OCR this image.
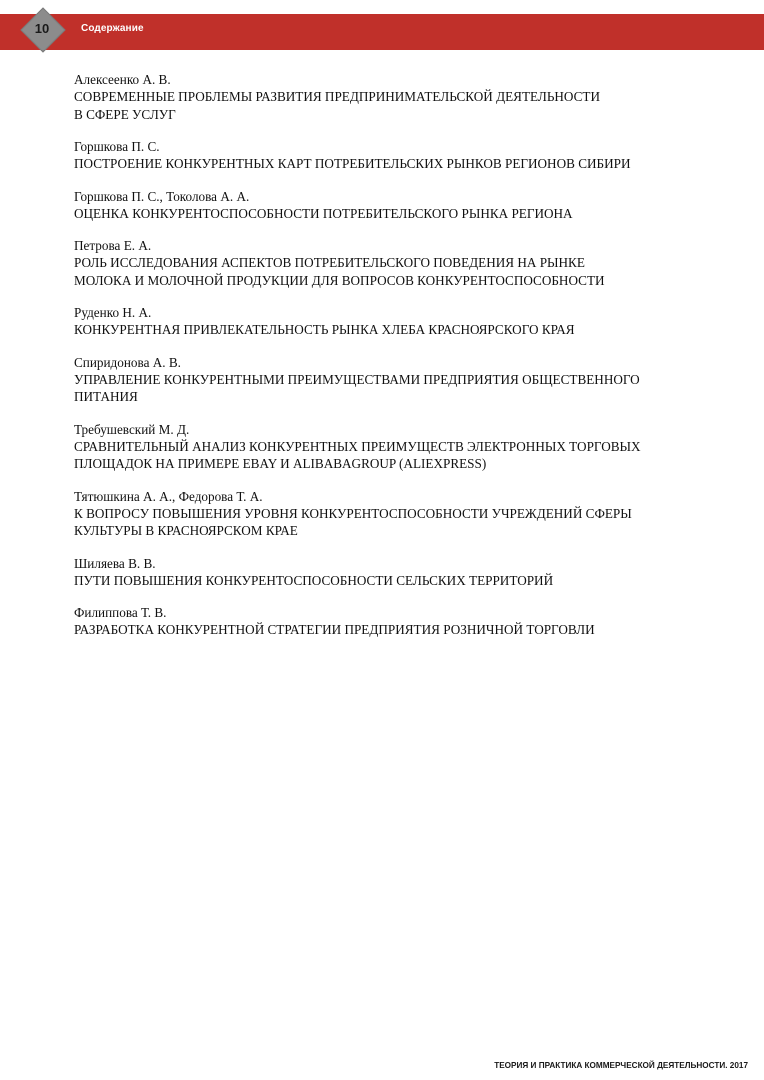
10	Содержание
Алексеенко А. В.
СОВРЕМЕННЫЕ ПРОБЛЕМЫ РАЗВИТИЯ ПРЕДПРИНИМАТЕЛЬСКОЙ ДЕЯТЕЛЬНОСТИ
В СФЕРЕ УСЛУГ
Горшкова П. С.
ПОСТРОЕНИЕ КОНКУРЕНТНЫХ КАРТ ПОТРЕБИТЕЛЬСКИХ РЫНКОВ РЕГИОНОВ СИБИРИ
Горшкова П. С., Токолова А. А.
ОЦЕНКА КОНКУРЕНТОСПОСОБНОСТИ ПОТРЕБИТЕЛЬСКОГО РЫНКА РЕГИОНА
Петрова Е. А.
РОЛЬ ИССЛЕДОВАНИЯ АСПЕКТОВ ПОТРЕБИТЕЛЬСКОГО ПОВЕДЕНИЯ НА РЫНКЕ
МОЛОКА И МОЛОЧНОЙ ПРОДУКЦИИ ДЛЯ ВОПРОСОВ КОНКУРЕНТОСПОСОБНОСТИ
Руденко Н. А.
КОНКУРЕНТНАЯ ПРИВЛЕКАТЕЛЬНОСТЬ РЫНКА ХЛЕБА КРАСНОЯРСКОГО КРАЯ
Спиридонова А. В.
УПРАВЛЕНИЕ КОНКУРЕНТНЫМИ ПРЕИМУЩЕСТВАМИ ПРЕДПРИЯТИЯ ОБЩЕСТВЕННОГО
ПИТАНИЯ
Требушевский М. Д.
СРАВНИТЕЛЬНЫЙ АНАЛИЗ КОНКУРЕНТНЫХ ПРЕИМУЩЕСТВ ЭЛЕКТРОННЫХ ТОРГОВЫХ
ПЛОЩАДОК НА ПРИМЕРЕ EBAY И ALIBABAGROUP (ALIEXPRESS)
Тятюшкина А. А., Федорова Т. А.
К ВОПРОСУ ПОВЫШЕНИЯ УРОВНЯ КОНКУРЕНТОСПОСОБНОСТИ УЧРЕЖДЕНИЙ СФЕРЫ
КУЛЬТУРЫ В КРАСНОЯРСКОМ КРАЕ
Шиляева В. В.
ПУТИ ПОВЫШЕНИЯ КОНКУРЕНТОСПОСОБНОСТИ СЕЛЬСКИХ ТЕРРИТОРИЙ
Филиппова Т. В.
РАЗРАБОТКА КОНКУРЕНТНОЙ СТРАТЕГИИ ПРЕДПРИЯТИЯ РОЗНИЧНОЙ ТОРГОВЛИ
ТЕОРИЯ И ПРАКТИКА КОММЕРЧЕСКОЙ ДЕЯТЕЛЬНОСТИ. 2017
